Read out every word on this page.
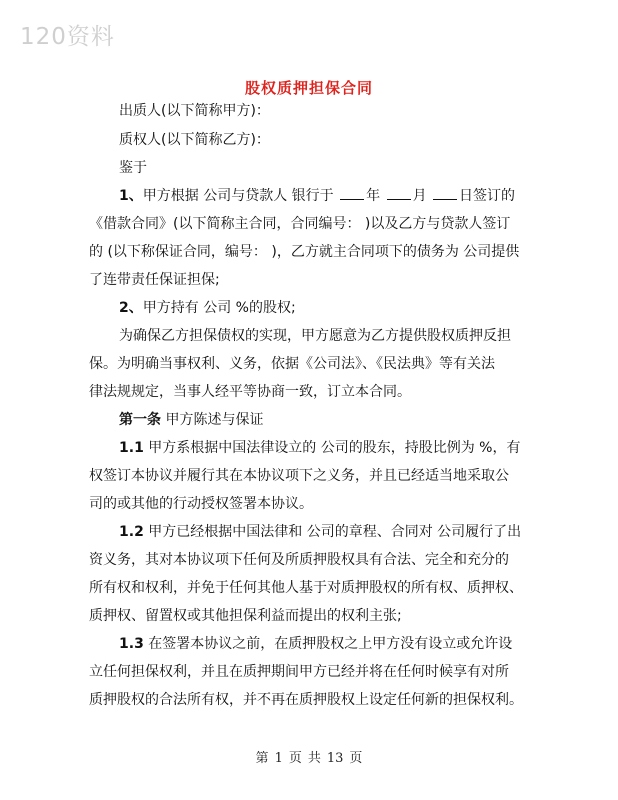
120资料
股权质押担保合同
出质人(以下简称甲方)：
质权人(以下简称乙方)：
鉴于
1、甲方根据 公司与贷款人 银行于 年 月 日签订的
《借款合同》(以下简称主合同，合同编号： )以及乙方与贷款人签订
的 (以下称保证合同，编号： )，乙方就主合同项下的债务为 公司提供
了连带责任保证担保;
2、甲方持有 公司 %的股权;
为确保乙方担保债权的实现，甲方愿意为乙方提供股权质押反担
保。为明确当事权利、义务，依据《公司法》、《民法典》等有关法
律法规规定，当事人经平等协商一致，订立本合同。
第一条 甲方陈述与保证
1.1 甲方系根据中国法律设立的 公司的股东，持股比例为 %，有
权签订本协议并履行其在本协议项下之义务，并且已经适当地采取公
司的或其他的行动授权签署本协议。
1.2 甲方已经根据中国法律和 公司的章程、合同对 公司履行了出
资义务，其对本协议项下任何及所质押股权具有合法、完全和充分的
所有权和权利，并免于任何其他人基于对质押股权的所有权、质押权、
质押权、留置权或其他担保利益而提出的权利主张;
1.3 在签署本协议之前，在质押股权之上甲方没有设立或允许设
立任何担保权利，并且在质押期间甲方已经并将在任何时候享有对所
质押股权的合法所有权，并不再在质押股权上设定任何新的担保权利。
第 1 页 共 13 页
